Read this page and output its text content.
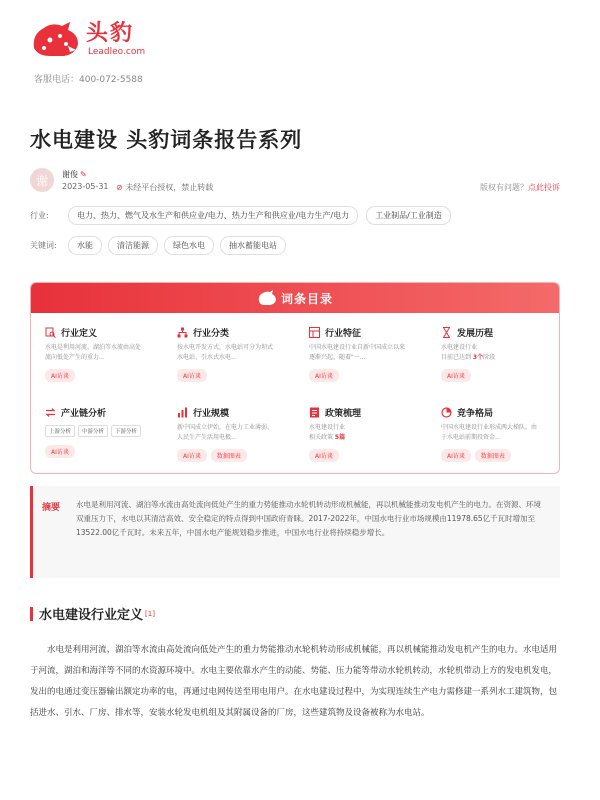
头豹
Leadleo.com
客服电话：400-072-5588
水电建设 头豹词条报告系列
谢	谢俊 ✎
2023-05-31 ⊘ 未经平台授权，禁止转载	版权有问题？点此投诉
行业:	电力、热力、燃气及水生产和供应业/电力、热力生产和供应业/电力生产/电力	工业制品/工业制造
关键词:	水能	清洁能源	绿色水电	抽水蓄能电站
词条目录
行业定义
水电是利用河流、湖泊等水流由高处流向低处产生的重力...
AI访谈
行业分类
按水电开发方式，水电站可分为坝式水电站、引水式水电...
AI访谈
行业特征
中国水电建设行业自新中国成立以来逐渐兴起，随着"一...
AI访谈
发展历程
水电建设行业
目前已达到 3个阶段
AI访谈
产业链分析
上游分析	中游分析	下游分析
AI访谈
行业规模
新中国成立伊始，在电力工业薄弱、人民生产生活用电极...
AI访谈	数据图表
政策梳理
水电建设行业
相关政策 5篇
AI访谈
竞争格局
中国水电建设行业形成两大梯队。由于水电站前期投资金...
AI访谈	数据图表
摘要 水电是利用河流、湖泊等水流由高处流向低处产生的重力势能推动水轮机转动形成机械能，再以机械能推动发电机产生的电力。在资源、环境双重压力下，水电以其清洁高效、安全稳定的特点得到中国政府青睐。2017-2022年，中国水电行业市场规模由11978.65亿千瓦时增加至13522.00亿千瓦时。未来五年，中国水电产能规划稳步推进，中国水电行业将持续稳步增长。
水电建设行业定义 [1]
水电是利用河流、湖泊等水流由高处流向低处产生的重力势能推动水轮机转动形成机械能，再以机械能推动发电机产生的电力。水电适用于河流，湖泊和海洋等不同的水资源环境中。水电主要依靠水产生的动能、势能、压力能等带动水轮机转动，水轮机带动上方的发电机发电，发出的电通过变压器输出额定功率的电，再通过电网传送至用电用户。在水电建设过程中，为实现连续生产电力需修建一系列水工建筑物，包括进水、引水、厂房、排水等，安装水轮发电机组及其附属设备的厂房，这些建筑物及设备被称为水电站。
